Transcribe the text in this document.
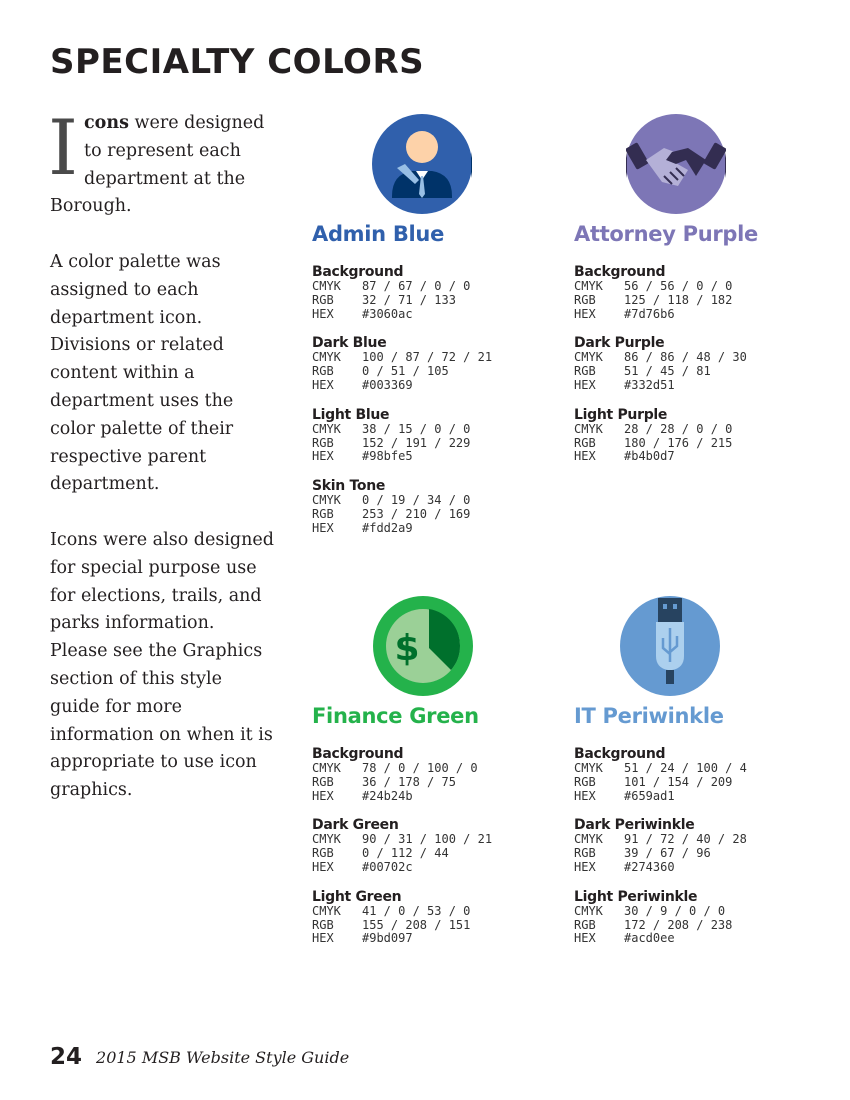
SPECIALTY COLORS

Icons were designed to represent each department at the Borough.

A color palette was assigned to each department icon. Divisions or related content within a department uses the color palette of their respective parent department.

Icons were also designed for special purpose use for elections, trails, and parks information. Please see the Graphics section of this style guide for more information on when it is appropriate to use icon graphics.

Admin Blue
Background
CMYK 87 / 67 / 0 / 0
RGB 32 / 71 / 133
HEX #3060ac
Dark Blue
CMYK 100 / 87 / 72 / 21
RGB 0 / 51 / 105
HEX #003369
Light Blue
CMYK 38 / 15 / 0 / 0
RGB 152 / 191 / 229
HEX #98bfe5
Skin Tone
CMYK 0 / 19 / 34 / 0
RGB 253 / 210 / 169
HEX #fdd2a9
Attorney Purple
Background
CMYK 56 / 56 / 0 / 0
RGB 125 / 118 / 182
HEX #7d76b6
Dark Purple
CMYK 86 / 86 / 48 / 30
RGB 51 / 45 / 81
HEX #332d51
Light Purple
CMYK 28 / 28 / 0 / 0
RGB 180 / 176 / 215
HEX #b4b0d7
$
Finance Green
Background
CMYK 78 / 0 / 100 / 0
RGB 36 / 178 / 75
HEX #24b24b
Dark Green
CMYK 90 / 31 / 100 / 21
RGB 0 / 112 / 44
HEX #00702c
Light Green
CMYK 41 / 0 / 53 / 0
RGB 155 / 208 / 151
HEX #9bd097
IT Periwinkle
Background
CMYK 51 / 24 / 100 / 4
RGB 101 / 154 / 209
HEX #659ad1
Dark Periwinkle
CMYK 91 / 72 / 40 / 28
RGB 39 / 67 / 96
HEX #274360
Light Periwinkle
CMYK 30 / 9 / 0 / 0
RGB 172 / 208 / 238
HEX #acd0ee
24 2015 MSB Website Style Guide
